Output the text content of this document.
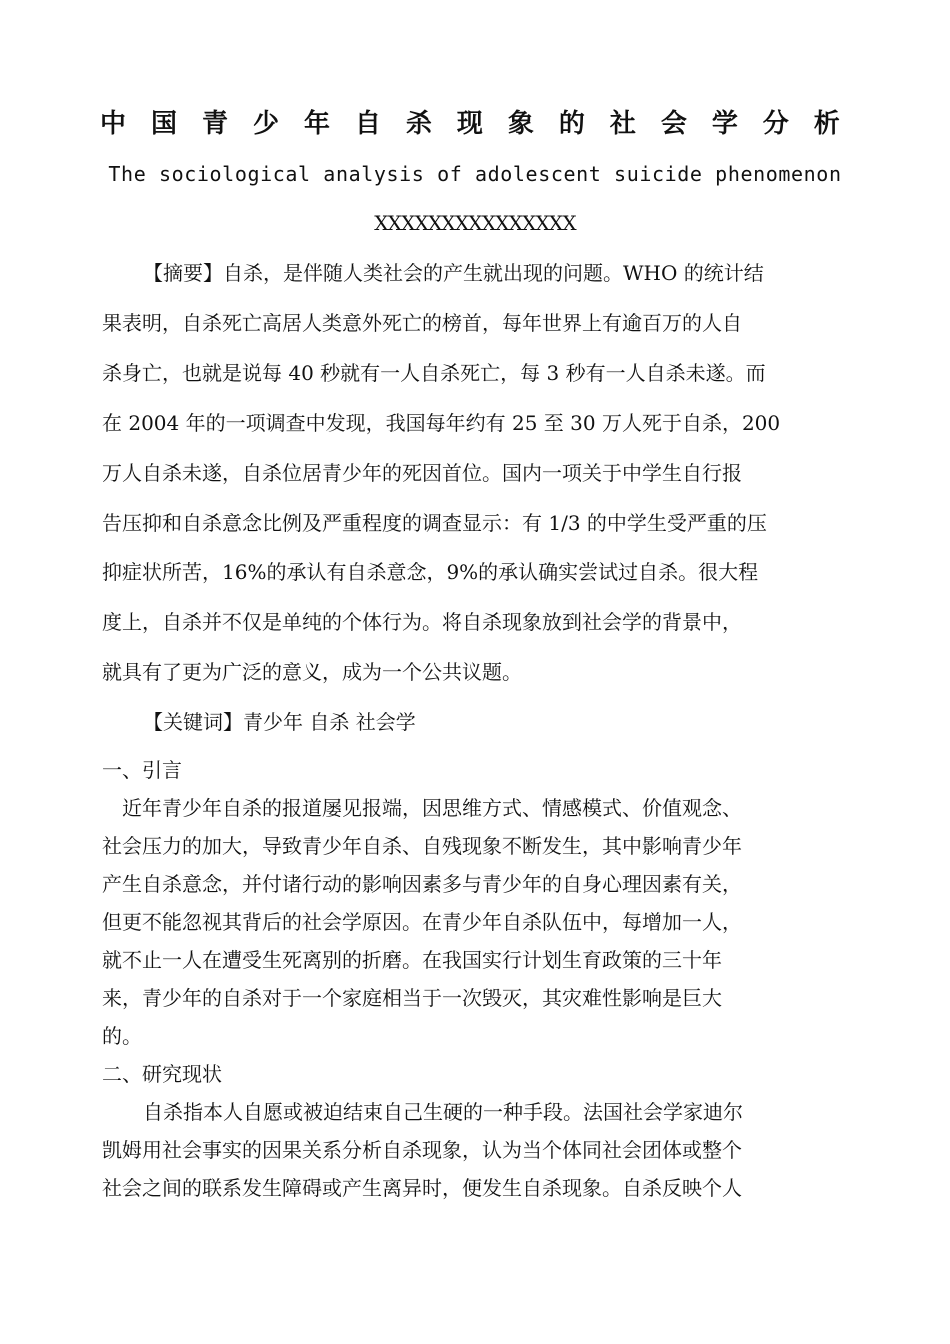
中 国 青 少 年 自 杀 现 象 的 社 会 学 分 析
The sociological analysis of adolescent suicide phenomenon
XXXXXXXXXXXXXXX
【摘要】自杀，是伴随人类社会的产生就出现的问题。WHO 的统计结
果表明，自杀死亡高居人类意外死亡的榜首，每年世界上有逾百万的人自
杀身亡，也就是说每 40 秒就有一人自杀死亡，每 3 秒有一人自杀未遂。而
在 2004 年的一项调查中发现，我国每年约有 25 至 30 万人死于自杀，200
万人自杀未遂，自杀位居青少年的死因首位。国内一项关于中学生自行报
告压抑和自杀意念比例及严重程度的调查显示：有 1/3 的中学生受严重的压
抑症状所苦，16%的承认有自杀意念，9%的承认确实尝试过自杀。很大程
度上，自杀并不仅是单纯的个体行为。将自杀现象放到社会学的背景中，
就具有了更为广泛的意义，成为一个公共议题。
【关键词】青少年 自杀 社会学
一、引言
近年青少年自杀的报道屡见报端，因思维方式、情感模式、价值观念、
社会压力的加大，导致青少年自杀、自残现象不断发生，其中影响青少年
产生自杀意念，并付诸行动的影响因素多与青少年的自身心理因素有关，
但更不能忽视其背后的社会学原因。在青少年自杀队伍中，每增加一人，
就不止一人在遭受生死离别的折磨。在我国实行计划生育政策的三十年
来，青少年的自杀对于一个家庭相当于一次毁灭，其灾难性影响是巨大
的。
二、研究现状
自杀指本人自愿或被迫结束自己生硬的一种手段。法国社会学家迪尔
凯姆用社会事实的因果关系分析自杀现象，认为当个体同社会团体或整个
社会之间的联系发生障碍或产生离异时，便发生自杀现象。自杀反映个人
